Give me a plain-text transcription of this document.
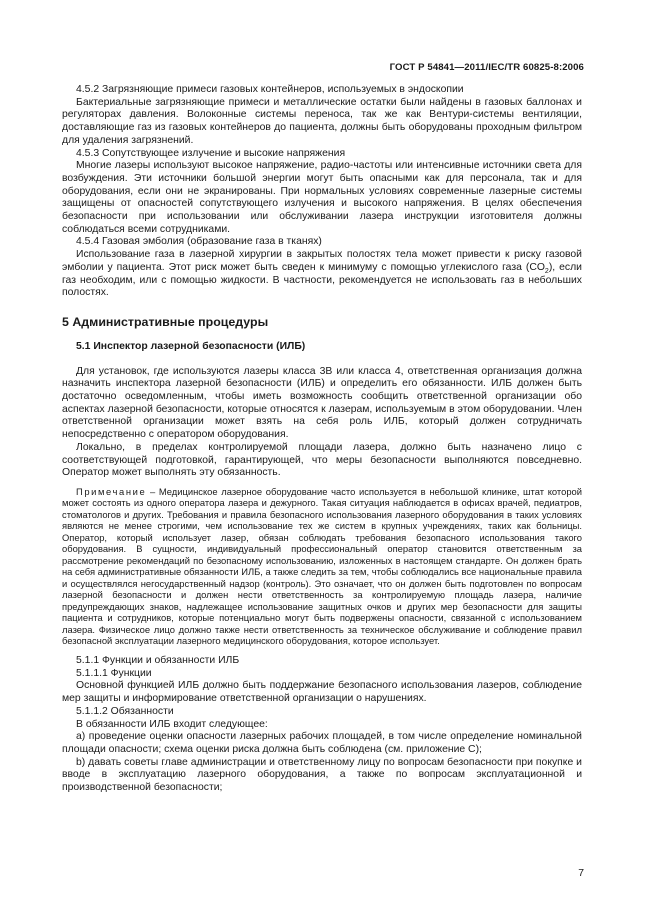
ГОСТ Р 54841—2011/IEC/TR 60825-8:2006

4.5.2 Загрязняющие примеси газовых контейнеров, используемых в эндоскопии

Бактериальные загрязняющие примеси и металлические остатки были найдены в газовых баллонах и регуляторах давления. Волоконные системы переноса, так же как Вентури-системы вентиляции, доставляющие газ из газовых контейнеров до пациента, должны быть оборудованы проходным фильтром для удаления загрязнений.

4.5.3 Сопутствующее излучение и высокие напряжения

Многие лазеры используют высокое напряжение, радио-частоты или интенсивные источники света для возбуждения. Эти источники большой энергии могут быть опасными как для персонала, так и для оборудования, если они не экранированы. При нормальных условиях современные лазерные системы защищены от опасностей сопутствующего излучения и высокого напряжения. В целях обеспечения безопасности при использовании или обслуживании лазера инструкции изготовителя должны соблюдаться всеми сотрудниками.

4.5.4 Газовая эмболия (образование газа в тканях)

Использование газа в лазерной хирургии в закрытых полостях тела может привести к риску газовой эмболии у пациента. Этот риск может быть сведен к минимуму с помощью углекислого газа $(CO_2)$, если газ необходим, или с помощью жидкости. В частности, рекомендуется не использовать газ в небольших полостях.

5 Административные процедуры
5.1 Инспектор лазерной безопасности (ИЛБ)

Для установок, где используются лазеры класса 3В или класса 4, ответственная организация должна назначить инспектора лазерной безопасности (ИЛБ) и определить его обязанности. ИЛБ должен быть достаточно осведомленным, чтобы иметь возможность сообщить ответственной организации обо аспектах лазерной безопасности, которые относятся к лазерам, используемым в этом оборудовании. Член ответственной организации может взять на себя роль ИЛБ, который должен сотрудничать непосредственно с оператором оборудования.

Локально, в пределах контролируемой площади лазера, должно быть назначено лицо с соответствующей подготовкой, гарантирующей, что меры безопасности выполняются повседневно. Оператор может выполнять эту обязанность.

Примечание – Медицинское лазерное оборудование часто используется в небольшой клинике, штат которой может состоять из одного оператора лазера и дежурного. Такая ситуация наблюдается в офисах врачей, педиатров, стоматологов и других. Требования и правила безопасного использования лазерного оборудования в таких условиях являются не менее строгими, чем использование тех же систем в крупных учреждениях, таких как больницы. Оператор, который использует лазер, обязан соблюдать требования безопасного использования такого оборудования. В сущности, индивидуальный профессиональный оператор становится ответственным за рассмотрение рекомендаций по безопасному использованию, изложенных в настоящем стандарте. Он должен брать на себя административные обязанности ИЛБ, а также следить за тем, чтобы соблюдались все национальные правила и осуществлялся негосударственный надзор (контроль). Это означает, что он должен быть подготовлен по вопросам лазерной безопасности и должен нести ответственность за контролируемую площадь лазера, наличие предупреждающих знаков, надлежащее использование защитных очков и других мер безопасности для защиты пациента и сотрудников, которые потенциально могут быть подвержены опасности, связанной с использованием лазера. Физическое лицо должно также нести ответственность за техническое обслуживание и соблюдение правил безопасной эксплуатации лазерного медицинского оборудования, которое использует.

5.1.1 Функции и обязанности ИЛБ

5.1.1.1 Функции

Основной функцией ИЛБ должно быть поддержание безопасного использования лазеров, соблюдение мер защиты и информирование ответственной организации о нарушениях.

5.1.1.2 Обязанности

В обязанности ИЛБ входит следующее:

a) проведение оценки опасности лазерных рабочих площадей, в том числе определение номинальной площади опасности; схема оценки риска должна быть соблюдена (см. приложение С);

b) давать советы главе администрации и ответственному лицу по вопросам безопасности при покупке и вводе в эксплуатацию лазерного оборудования, а также по вопросам эксплуатационной и производственной безопасности;

7
